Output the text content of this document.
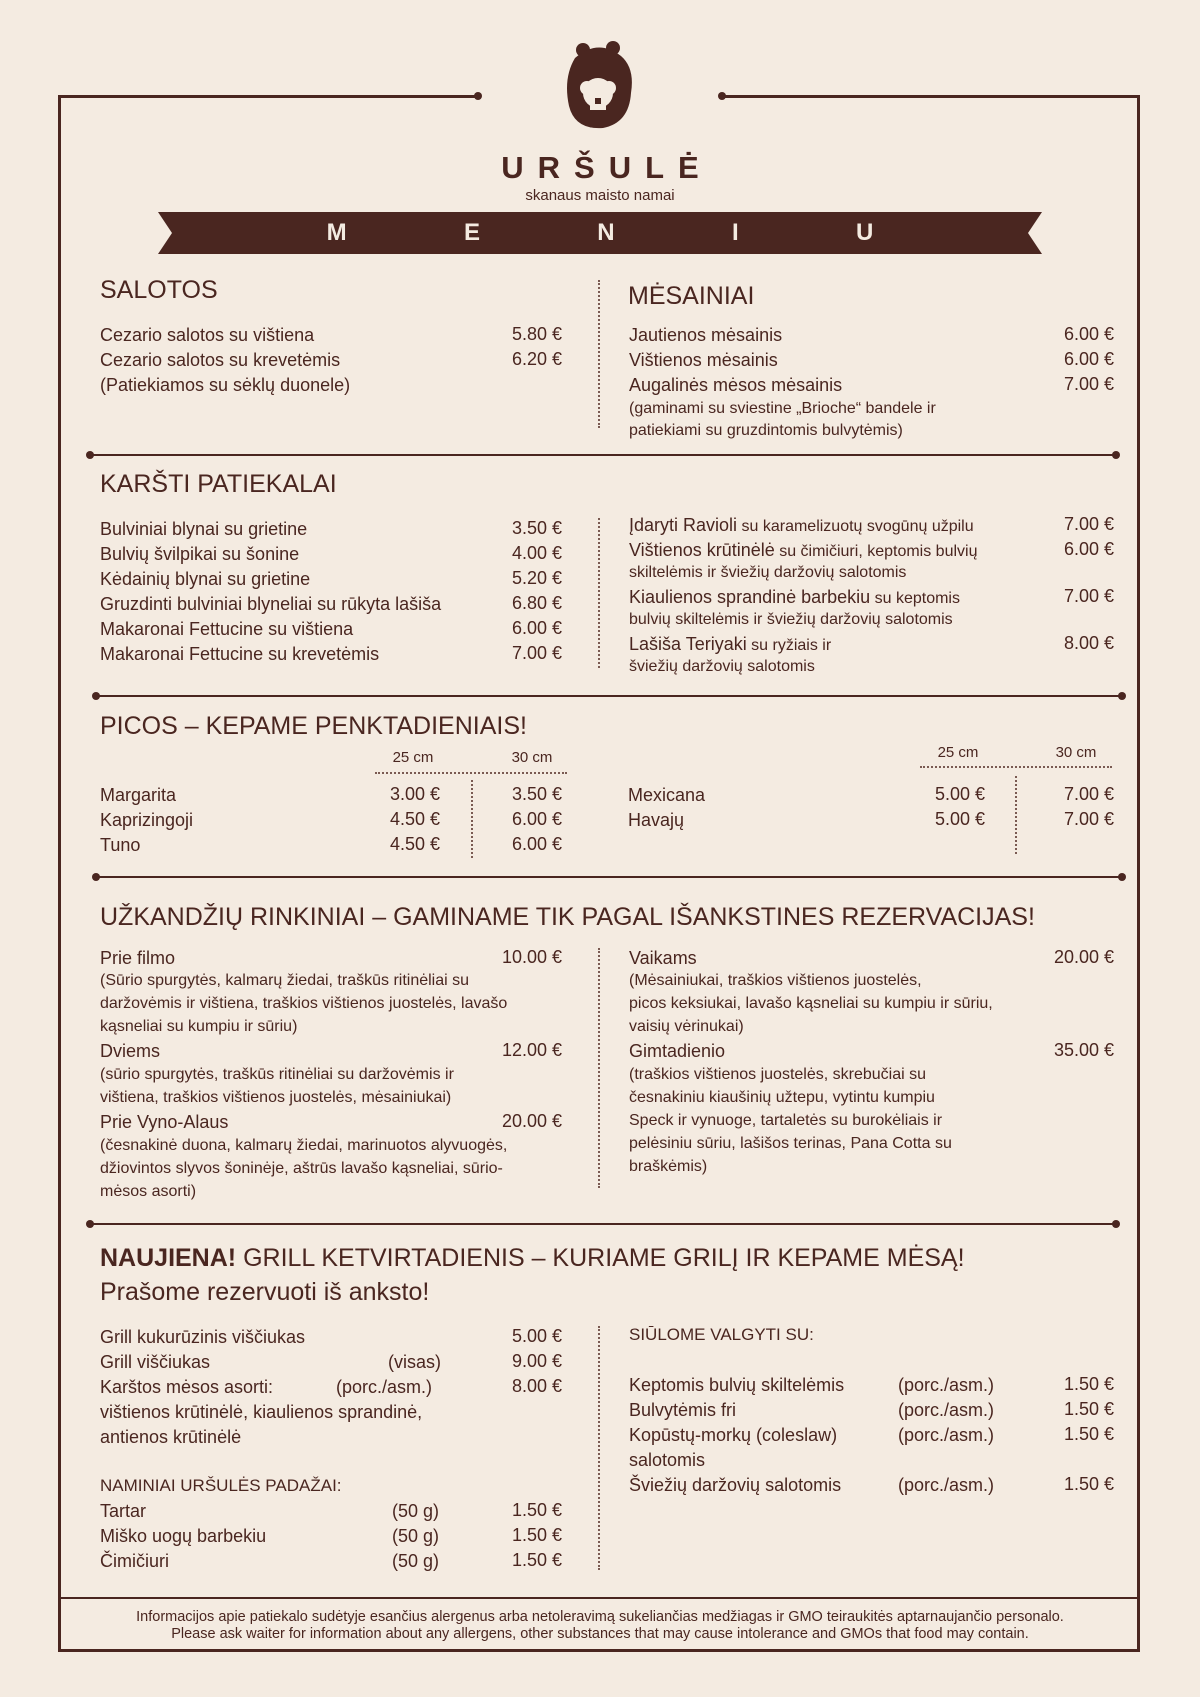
URŠULĖ
skanaus maisto namai
M	E	N	I	U
SALOTOS
Cezario salotos su vištiena	5.80 €
Cezario salotos su krevetėmis	6.20 €
(Patiekiamos su sėklų duonele)
MĖSAINIAI
Jautienos mėsainis	6.00 €
Vištienos mėsainis	6.00 €
Augalinės mėsos mėsainis	7.00 €
(gaminami su sviestine „Brioche“ bandele ir
patiekiami su gruzdintomis bulvytėmis)
KARŠTI PATIEKALAI
Bulviniai blynai su grietine	3.50 €
Bulvių švilpikai su šonine	4.00 €
Kėdainių blynai su grietine	5.20 €
Gruzdinti bulviniai blyneliai su rūkyta lašiša	6.80 €
Makaronai Fettucine su vištiena	6.00 €
Makaronai Fettucine su krevetėmis	7.00 €
Įdaryti Ravioli su karamelizuotų svogūnų užpilu	7.00 €
Vištienos krūtinėlė su čimičiuri, keptomis bulvių	6.00 €
skiltelėmis ir šviežių daržovių salotomis
Kiaulienos sprandinė barbekiu su keptomis	7.00 €
bulvių skiltelėmis ir šviežių daržovių salotomis
Lašiša Teriyaki su ryžiais ir	8.00 €
šviežių daržovių salotomis
PICOS – KEPAME PENKTADIENIAIS!
25 cm	30 cm
Margarita	3.00 €	3.50 €
Kaprizingoji	4.50 €	6.00 €
Tuno	4.50 €	6.00 €
25 cm	30 cm
Mexicana	5.00 €	7.00 €
Havajų	5.00 €	7.00 €
UŽKANDŽIŲ RINKINIAI – GAMINAME TIK PAGAL IŠANKSTINES REZERVACIJAS!
Prie filmo	10.00 €
(Sūrio spurgytės, kalmarų žiedai, traškūs ritinėliai su
daržovėmis ir vištiena, traškios vištienos juostelės, lavašo
kąsneliai su kumpiu ir sūriu)
Dviems	12.00 €
(sūrio spurgytės, traškūs ritinėliai su daržovėmis ir
vištiena, traškios vištienos juostelės, mėsainiukai)
Prie Vyno-Alaus	20.00 €
(česnakinė duona, kalmarų žiedai, marinuotos alyvuogės,
džiovintos slyvos šoninėje, aštrūs lavašo kąsneliai, sūrio-
mėsos asorti)
Vaikams	20.00 €
(Mėsainiukai, traškios vištienos juostelės,
picos keksiukai, lavašo kąsneliai su kumpiu ir sūriu,
vaisių vėrinukai)
Gimtadienio	35.00 €
(traškios vištienos juostelės, skrebučiai su
česnakiniu kiaušinių užtepu, vytintu kumpiu
Speck ir vynuoge, tartaletės su burokėliais ir
pelėsiniu sūriu, lašišos terinas, Pana Cotta su
braškėmis)
NAUJIENA! GRILL KETVIRTADIENIS – KURIAME GRILĮ IR KEPAME MĖSĄ!
Prašome rezervuoti iš anksto!
Grill kukurūzinis viščiukas	5.00 €
Grill viščiukas	(visas)	9.00 €
Karštos mėsos asorti:	(porc./asm.)	8.00 €
vištienos krūtinėlė, kiaulienos sprandinė,
antienos krūtinėlė
NAMINIAI URŠULĖS PADAŽAI:
Tartar	(50 g)	1.50 €
Miško uogų barbekiu	(50 g)	1.50 €
Čimičiuri	(50 g)	1.50 €
SIŪLOME VALGYTI SU:
Keptomis bulvių skiltelėmis	(porc./asm.)	1.50 €
Bulvytėmis fri	(porc./asm.)	1.50 €
Kopūstų-morkų (coleslaw)	(porc./asm.)	1.50 €
salotomis
Šviežių daržovių salotomis	(porc./asm.)	1.50 €
Informacijos apie patiekalo sudėtyje esančius alergenus arba netoleravimą sukeliančias medžiagas ir GMO teiraukitės aptarnaujančio personalo.
Please ask waiter for information about any allergens, other substances that may cause intolerance and GMOs that food may contain.
